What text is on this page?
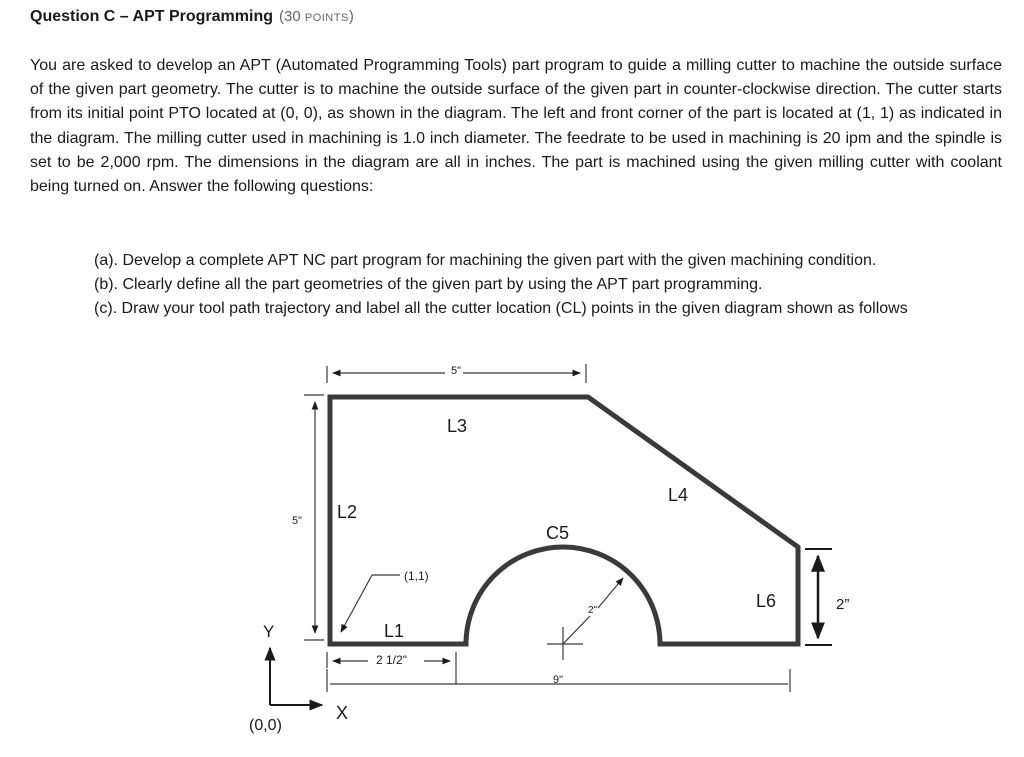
Question C – APT Programming (30 POINTS)

You are asked to develop an APT (Automated Programming Tools) part program to guide a milling cutter to machine the outside surface of the given part geometry. The cutter is to machine the outside surface of the given part in counter-clockwise direction. The cutter starts from its initial point PTO located at (0, 0), as shown in the diagram. The left and front corner of the part is located at (1, 1) as indicated in the diagram. The milling cutter used in machining is 1.0 inch diameter. The feedrate to be used in machining is 20 ipm and the spindle is set to be 2,000 rpm. The dimensions in the diagram are all in inches. The part is machined using the given milling cutter with coolant being turned on. Answer the following questions:

(a). Develop a complete APT NC part program for machining the given part with the given machining condition.

(b). Clearly define all the part geometries of the given part by using the APT part programming.

(c). Draw your tool path trajectory and label all the cutter location (CL) points in the given diagram shown as follows

5"
5"
2”
9"
2 1/2"
(1,1)
2"
L2
L3
L4
C5
L6
L1
Y
X
(0,0)
